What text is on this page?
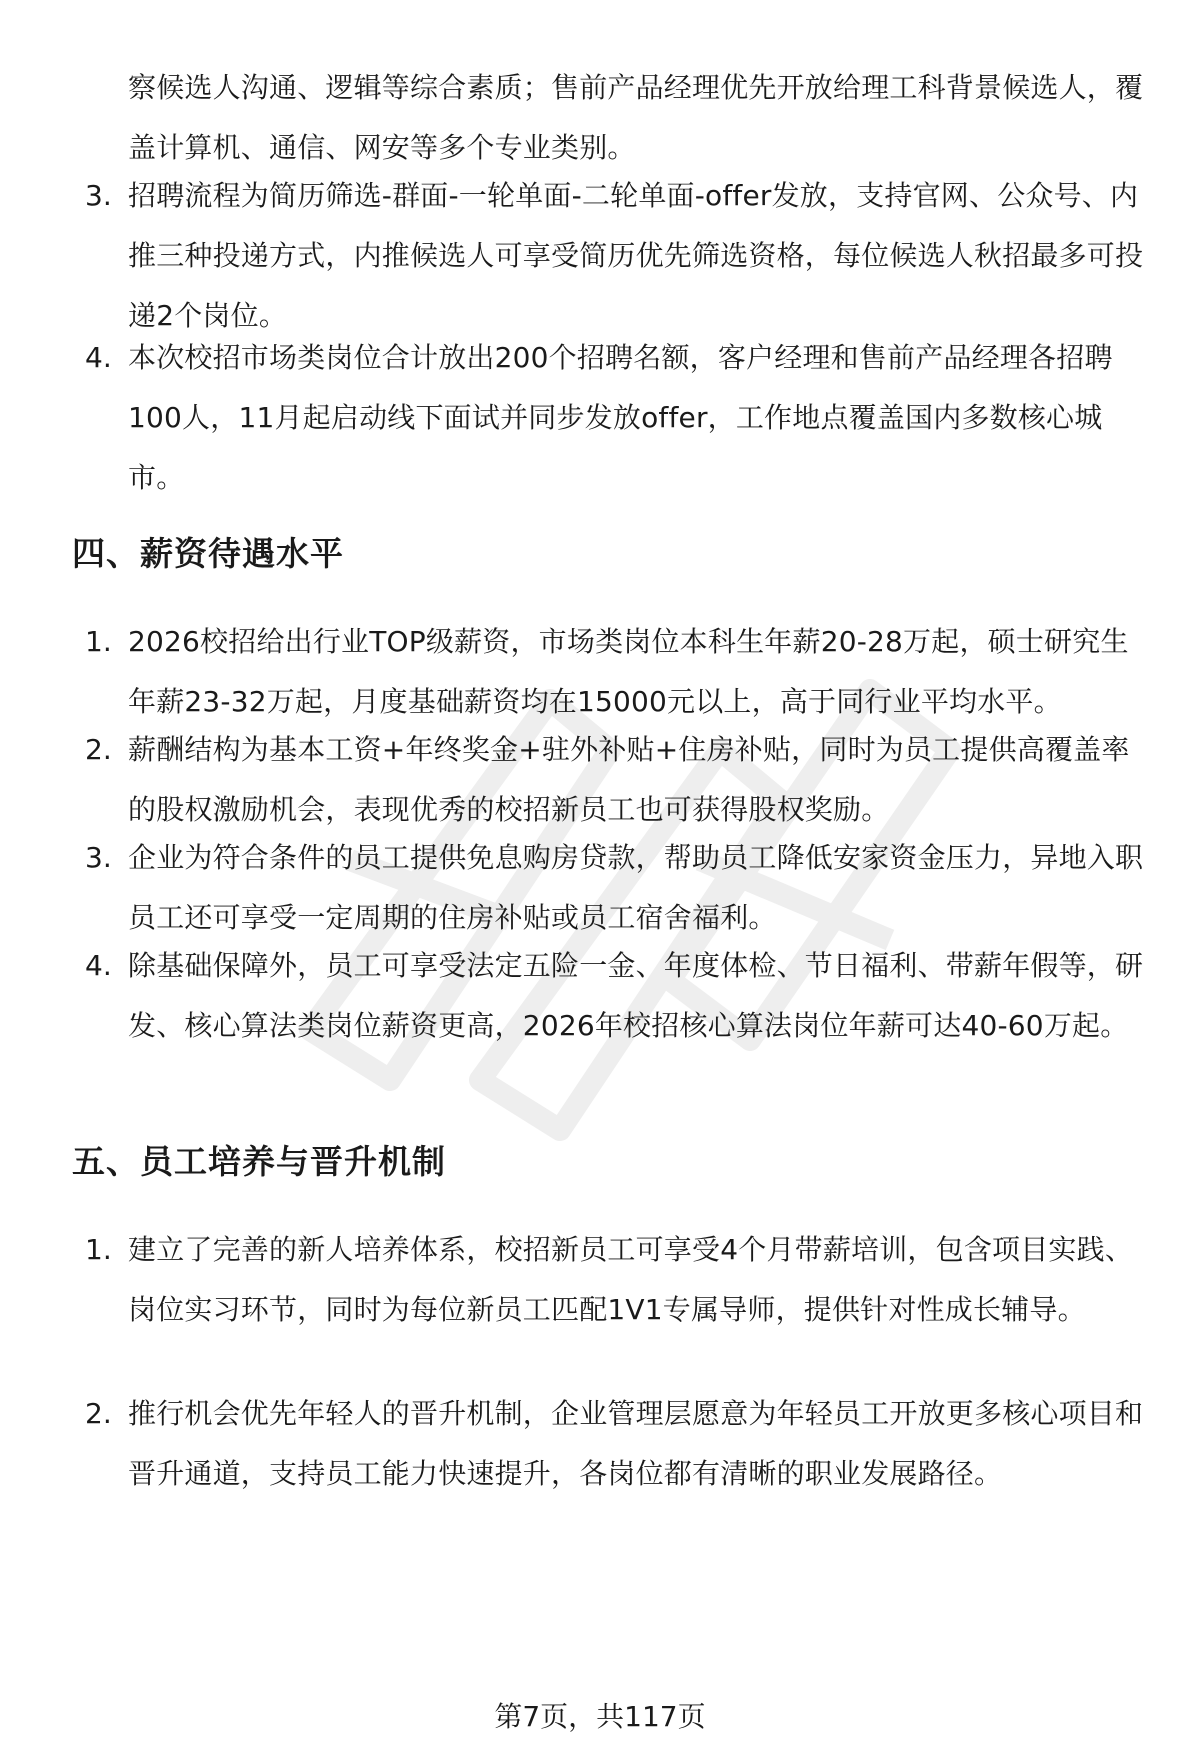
察候选人沟通、逻辑等综合素质；售前产品经理优先开放给理工科背景候选人，覆盖计算机、通信、网安等多个专业类别。
3. 招聘流程为简历筛选-群面-一轮单面-二轮单面-offer发放，支持官网、公众号、内推三种投递方式，内推候选人可享受简历优先筛选资格，每位候选人秋招最多可投递2个岗位。
4. 本次校招市场类岗位合计放出200个招聘名额，客户经理和售前产品经理各招聘100人，11月起启动线下面试并同步发放offer，工作地点覆盖国内多数核心城市。
四、薪资待遇水平
1. 2026校招给出行业TOP级薪资，市场类岗位本科生年薪20-28万起，硕士研究生年薪23-32万起，月度基础薪资均在15000元以上，高于同行业平均水平。
2. 薪酬结构为基本工资+年终奖金+驻外补贴+住房补贴，同时为员工提供高覆盖率的股权激励机会，表现优秀的校招新员工也可获得股权奖励。
3. 企业为符合条件的员工提供免息购房贷款，帮助员工降低安家资金压力，异地入职员工还可享受一定周期的住房补贴或员工宿舍福利。
4. 除基础保障外，员工可享受法定五险一金、年度体检、节日福利、带薪年假等，研发、核心算法类岗位薪资更高，2026年校招核心算法岗位年薪可达40-60万起。
五、员工培养与晋升机制
1. 建立了完善的新人培养体系，校招新员工可享受4个月带薪培训，包含项目实践、岗位实习环节，同时为每位新员工匹配1V1专属导师，提供针对性成长辅导。
2. 推行机会优先年轻人的晋升机制，企业管理层愿意为年轻员工开放更多核心项目和晋升通道，支持员工能力快速提升，各岗位都有清晰的职业发展路径。
第7页，共117页
